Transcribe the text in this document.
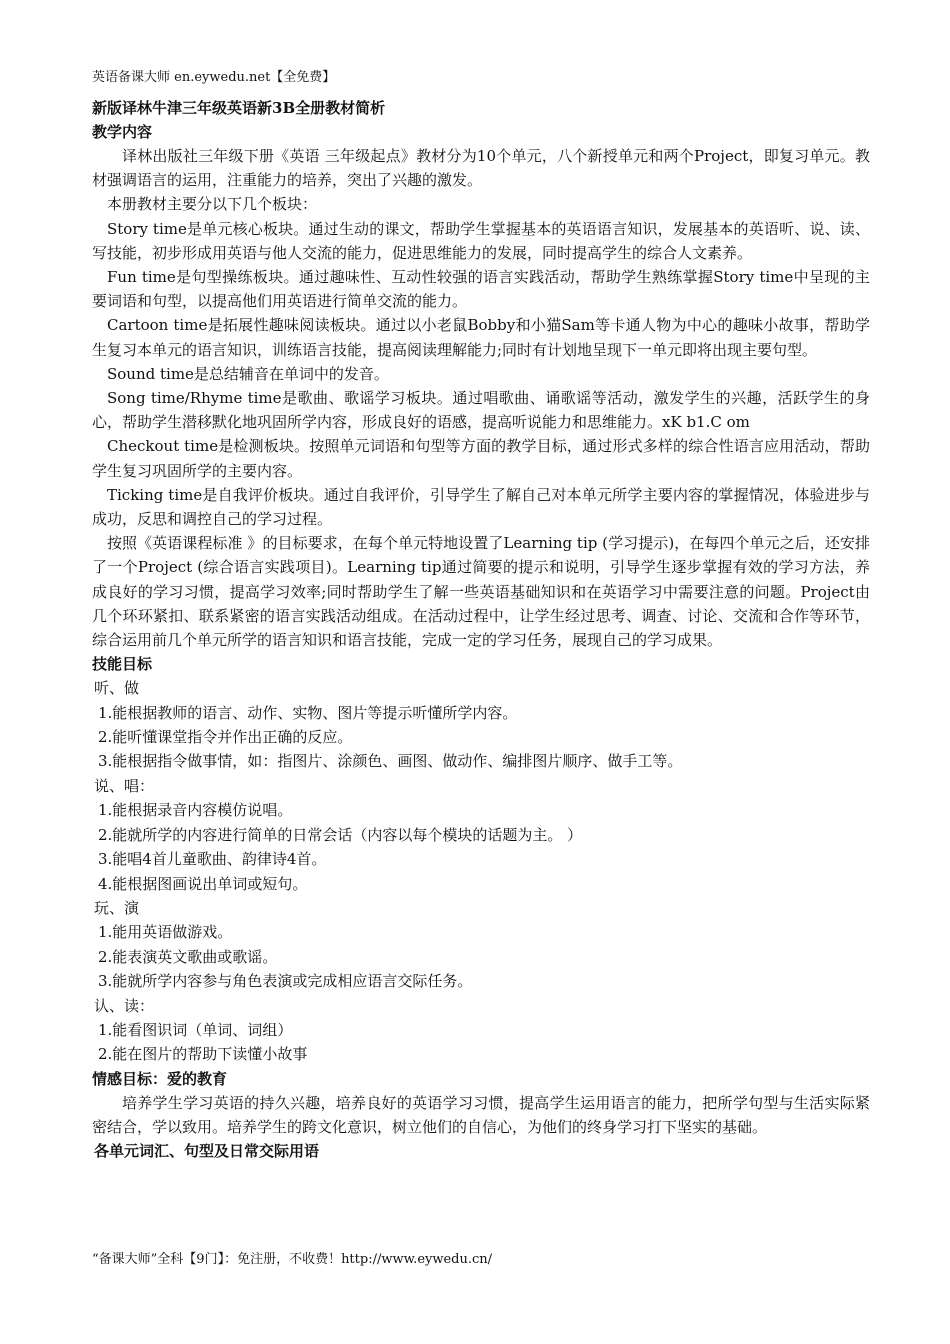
英语备课大师 en.eywedu.net【全免费】

新版译林牛津三年级英语新3B全册教材简析

教学内容

译林出版社三年级下册《英语 三年级起点》教材分为10个单元，八个新授单元和两个Project，即复习单元。教材强调语言的运用，注重能力的培养，突出了兴趣的激发。

本册教材主要分以下几个板块：

Story time是单元核心板块。通过生动的课文，帮助学生掌握基本的英语语言知识，发展基本的英语听、说、读、写技能，初步形成用英语与他人交流的能力，促进思维能力的发展，同时提高学生的综合人文素养。

Fun time是句型操练板块。通过趣味性、互动性较强的语言实践活动，帮助学生熟练掌握Story time中呈现的主要词语和句型，以提高他们用英语进行简单交流的能力。

Cartoon time是拓展性趣味阅读板块。通过以小老鼠Bobby和小猫Sam等卡通人物为中心的趣味小故事，帮助学生复习本单元的语言知识，训练语言技能，提高阅读理解能力;同时有计划地呈现下一单元即将出现主要句型。

Sound time是总结辅音在单词中的发音。

Song time/Rhyme time是歌曲、歌谣学习板块。通过唱歌曲、诵歌谣等活动，激发学生的兴趣，活跃学生的身心，帮助学生潜移默化地巩固所学内容，形成良好的语感，提高听说能力和思维能力。xK b1.C om

Checkout time是检测板块。按照单元词语和句型等方面的教学目标，通过形式多样的综合性语言应用活动，帮助学生复习巩固所学的主要内容。

Ticking time是自我评价板块。通过自我评价，引导学生了解自己对本单元所学主要内容的掌握情况，体验进步与成功，反思和调控自己的学习过程。

按照《英语课程标准 》的目标要求，在每个单元特地设置了Learning tip (学习提示)，在每四个单元之后，还安排了一个Project (综合语言实践项目)。Learning tip通过简要的提示和说明，引导学生逐步掌握有效的学习方法，养成良好的学习习惯，提高学习效率;同时帮助学生了解一些英语基础知识和在英语学习中需要注意的问题。Project由几个环环紧扣、联系紧密的语言实践活动组成。在活动过程中，让学生经过思考、调查、讨论、交流和合作等环节，综合运用前几个单元所学的语言知识和语言技能，完成一定的学习任务，展现自己的学习成果。

技能目标

听、做

1.能根据教师的语言、动作、实物、图片等提示听懂所学内容。

2.能听懂课堂指令并作出正确的反应。

3.能根据指令做事情，如：指图片、涂颜色、画图、做动作、编排图片顺序、做手工等。

说、唱：

1.能根据录音内容模仿说唱。

2.能就所学的内容进行简单的日常会话（内容以每个模块的话题为主。 ）

3.能唱4首儿童歌曲、韵律诗4首。

4.能根据图画说出单词或短句。

玩、演

1.能用英语做游戏。

2.能表演英文歌曲或歌谣。

3.能就所学内容参与角色表演或完成相应语言交际任务。

认、读：

1.能看图识词（单词、词组）

2.能在图片的帮助下读懂小故事

情感目标：爱的教育

培养学生学习英语的持久兴趣，培养良好的英语学习习惯，提高学生运用语言的能力，把所学句型与生活实际紧密结合，学以致用。培养学生的跨文化意识，树立他们的自信心，为他们的终身学习打下坚实的基础。

各单元词汇、句型及日常交际用语

“备课大师”全科【9门】：免注册，不收费！http://www.eywedu.cn/
